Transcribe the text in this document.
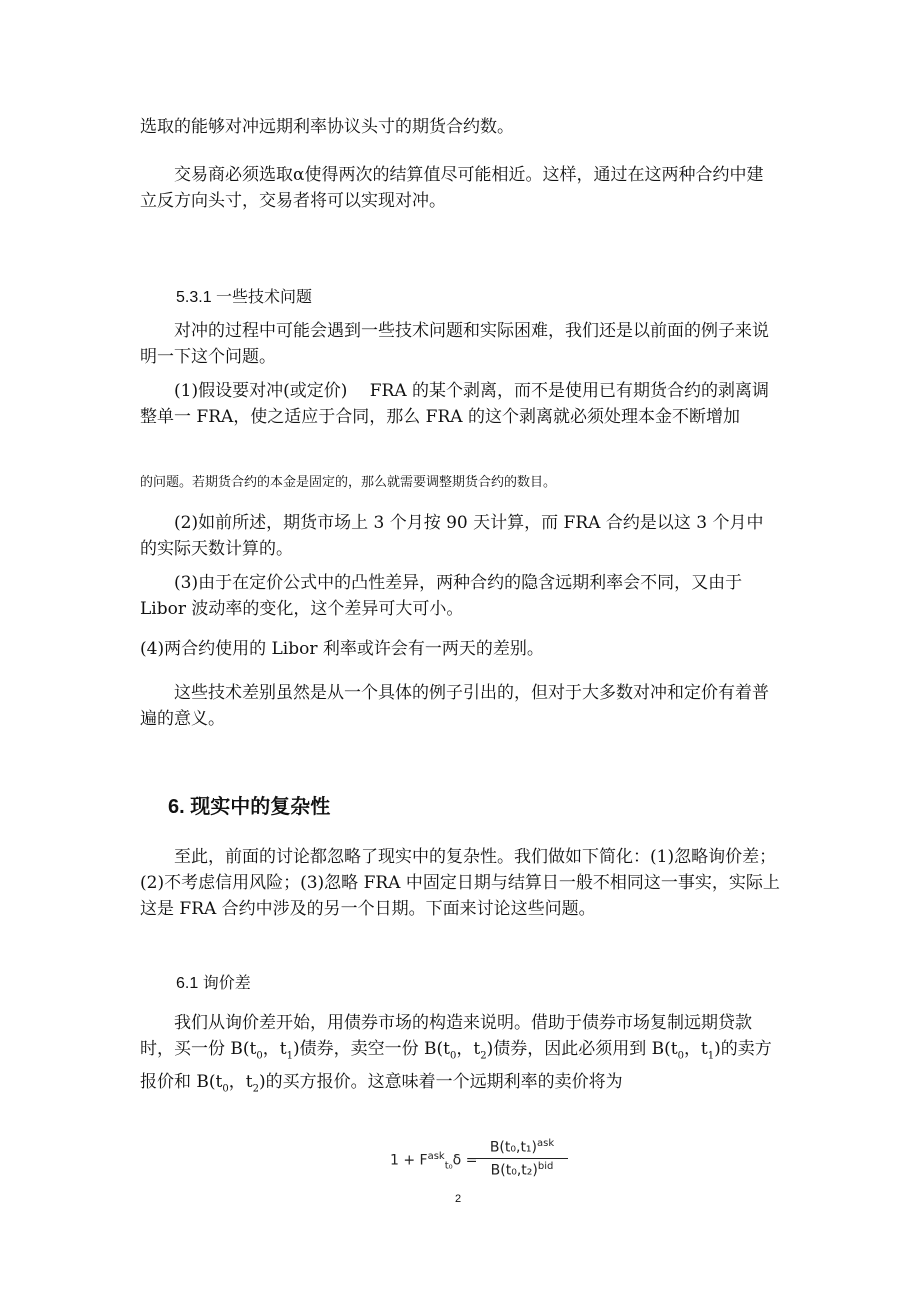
选取的能够对冲远期利率协议头寸的期货合约数。
交易商必须选取α使得两次的结算值尽可能相近。这样，通过在这两种合约中建立反方向头寸，交易者将可以实现对冲。
5.3.1 一些技术问题
对冲的过程中可能会遇到一些技术问题和实际困难，我们还是以前面的例子来说明一下这个问题。
(1)假设要对冲(或定价)　 FRA 的某个剥离，而不是使用已有期货合约的剥离调整单一 FRA，使之适应于合同，那么 FRA 的这个剥离就必须处理本金不断增加
的问题。若期货合约的本金是固定的，那么就需要调整期货合约的数目。
(2)如前所述，期货市场上 3 个月按 90 天计算，而 FRA 合约是以这 3 个月中的实际天数计算的。
(3)由于在定价公式中的凸性差异，两种合约的隐含远期利率会不同，又由于 Libor 波动率的变化，这个差异可大可小。
(4)两合约使用的 Libor 利率或许会有一两天的差别。
这些技术差别虽然是从一个具体的例子引出的，但对于大多数对冲和定价有着普遍的意义。
6. 现实中的复杂性
至此，前面的讨论都忽略了现实中的复杂性。我们做如下简化：(1)忽略询价差；(2)不考虑信用风险；(3)忽略 FRA 中固定日期与结算日一般不相同这一事实，实际上这是 FRA 合约中涉及的另一个日期。下面来讨论这些问题。
6.1 询价差
我们从询价差开始，用债券市场的构造来说明。借助于债券市场复制远期贷款时，买一份 $B(t_0$，$t_1$)债券，卖空一份 $B(t_0$，$t_2$)债券，因此必须用到 $B(t_0$，$t_1$)的卖方报价和 $B(t_0$，$t_2$)的买方报价。这意味着一个远期利率的卖价将为
$1 + F^{ask}_{t_0}\delta$ =
$B(t_0,t_1)^{ask}$
$B(t_0,t_2)^{bid}$
2
